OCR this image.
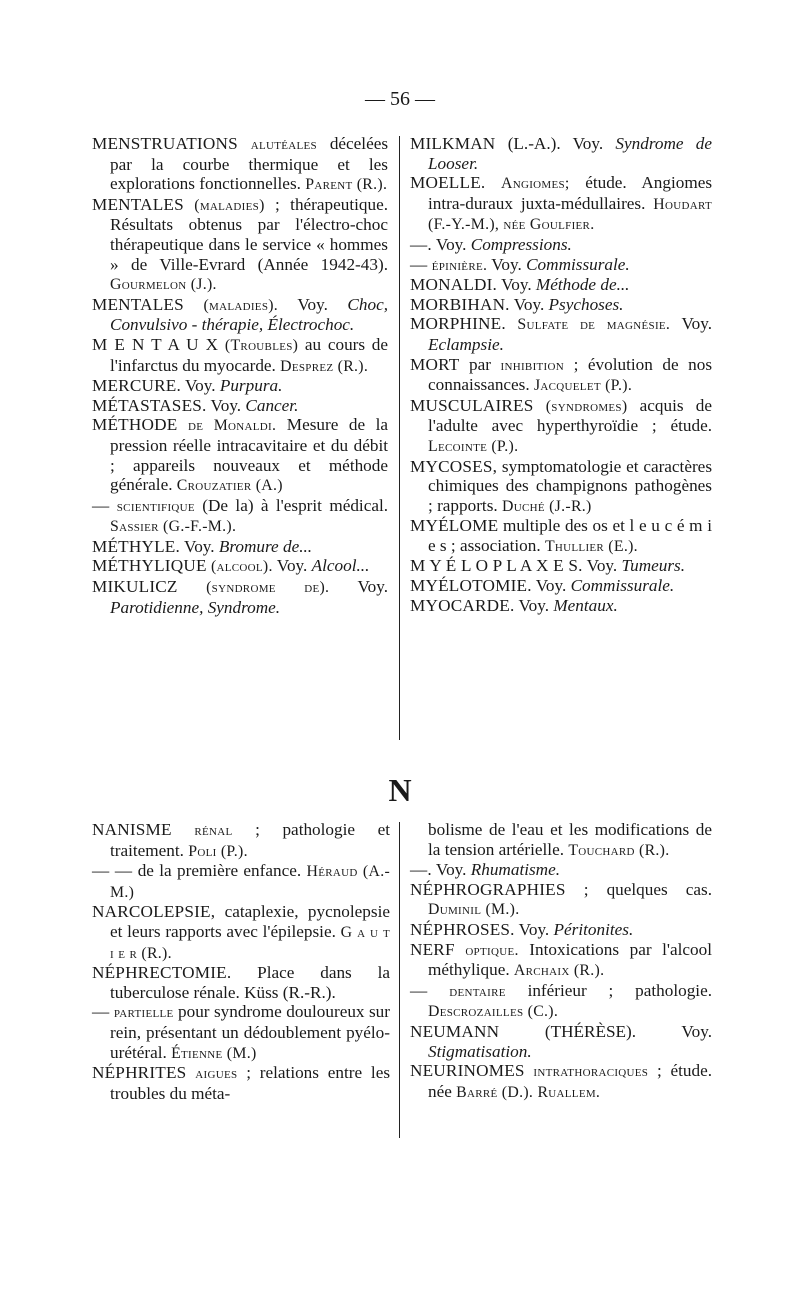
— 56 —

MENSTRUATIONS alutéales décelées par la courbe thermique et les explorations fonctionnelles. Parent (R.).

MENTALES (maladies) ; thérapeutique. Résultats obtenus par l'électro-choc thérapeutique dans le service « hommes » de Ville-Evrard (Année 1942-43). Gourmelon (J.).

MENTALES (maladies). Voy. Choc, Convulsivo - thérapie, Électrochoc.

M E N T A U X (Troubles) au cours de l'infarctus du myocarde. Desprez (R.).

MERCURE. Voy. Purpura.

MÉTASTASES. Voy. Cancer.

MÉTHODE de Monaldi. Mesure de la pression réelle intracavitaire et du débit ; appareils nouveaux et méthode générale. Crouzatier (A.)

— scientifique (De la) à l'esprit médical. Sassier (G.-F.-M.).

MÉTHYLE. Voy. Bromure de...

MÉTHYLIQUE (alcool). Voy. Alcool...

MIKULICZ (syndrome de). Voy. Parotidienne, Syndrome.

MILKMAN (L.-A.). Voy. Syndrome de Looser.

MOELLE. Angiomes; étude. Angiomes intra-duraux juxta-médullaires. Houdart (F.-Y.-M.), née Goulfier.

—. Voy. Compressions.

— épinière. Voy. Commissurale.

MONALDI. Voy. Méthode de...

MORBIHAN. Voy. Psychoses.

MORPHINE. Sulfate de magnésie. Voy. Eclampsie.

MORT par inhibition ; évolution de nos connaissances. Jacquelet (P.).

MUSCULAIRES (syndromes) acquis de l'adulte avec hyperthyroïdie ; étude. Lecointe (P.).

MYCOSES, symptomatologie et caractères chimiques des champignons pathogènes ; rapports. Duché (J.-R.)

MYÉLOME multiple des os et l e u c é m i e s ; association. Thullier (E.).

M Y É L O P L A X E S. Voy. Tumeurs.

MYÉLOTOMIE. Voy. Commissurale.

MYOCARDE. Voy. Mentaux.

N

NANISME rénal ; pathologie et traitement. Poli (P.).

— — de la première enfance. Héraud (A.-M.)

NARCOLEPSIE, cataplexie, pycnolepsie et leurs rapports avec l'épilepsie. G a u t i e r (R.).

NÉPHRECTOMIE. Place dans la tuberculose rénale. Küss (R.-R.).

— partielle pour syndrome douloureux sur rein, présentant un dédoublement pyélo-urétéral. Étienne (M.)

NÉPHRITES aigues ; relations entre les troubles du méta-

bolisme de l'eau et les modifications de la tension artérielle. Touchard (R.).

—. Voy. Rhumatisme.

NÉPHROGRAPHIES ; quelques cas. Duminil (M.).

NÉPHROSES. Voy. Péritonites.

NERF optique. Intoxications par l'alcool méthylique. Archaix (R.).

— dentaire inférieur ; pathologie. Descrozailles (C.).

NEUMANN	(THÉRÈSE). Voy. Stigmatisation.

NEURINOMES intrathoraciques ; étude. née Barré (D.). Ruallem.
